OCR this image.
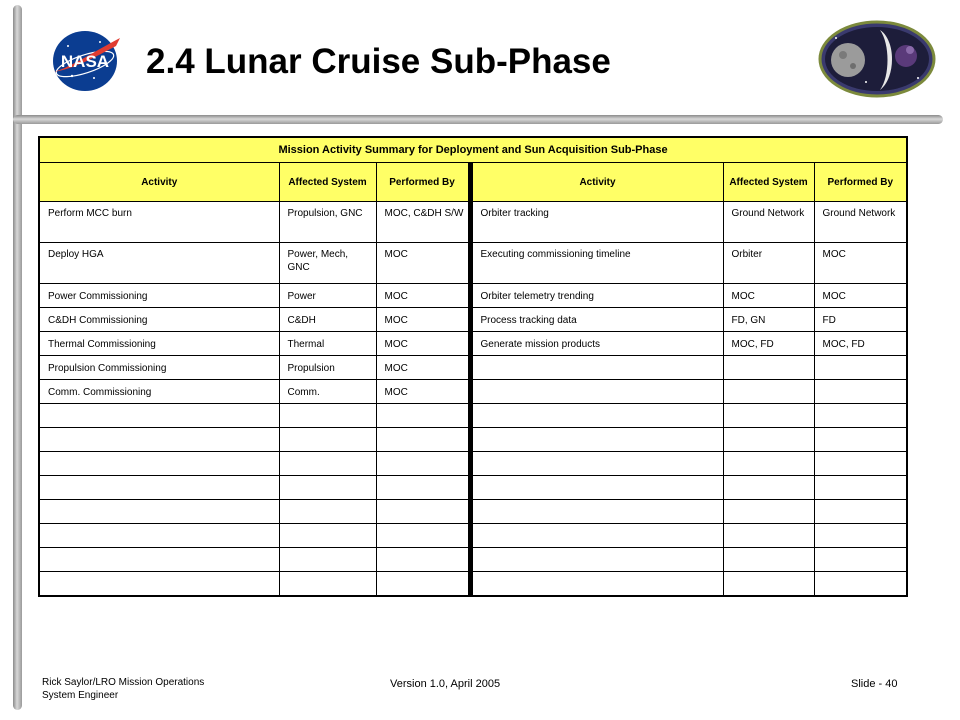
NASA 2.4 Lunar Cruise Sub-Phase
Mission Activity Summary for Deployment and Sun Acquisition Sub-Phase					
Activity	Affected System	Performed By	Activity	Affected System	Performed By

Perform MCC burn	Propulsion, GNC	MOC, C&DH S/W	Orbiter tracking	Ground Network	Ground Network

Deploy HGA	Power, Mech, GNC	MOC	Executing commissioning timeline	Orbiter	MOC

Power Commissioning	Power	MOC	Orbiter telemetry trending	MOC	MOC

C&DH Commissioning	C&DH	MOC	Process tracking data	FD, GN	FD

Thermal Commissioning	Thermal	MOC	Generate mission products	MOC, FD	MOC, FD

Propulsion Commissioning	Propulsion	MOC			

Comm. Commissioning	Comm.	MOC			

Rick Saylor/LRO Mission Operations
System Engineer
Version 1.0, April 2005	Slide - 40
